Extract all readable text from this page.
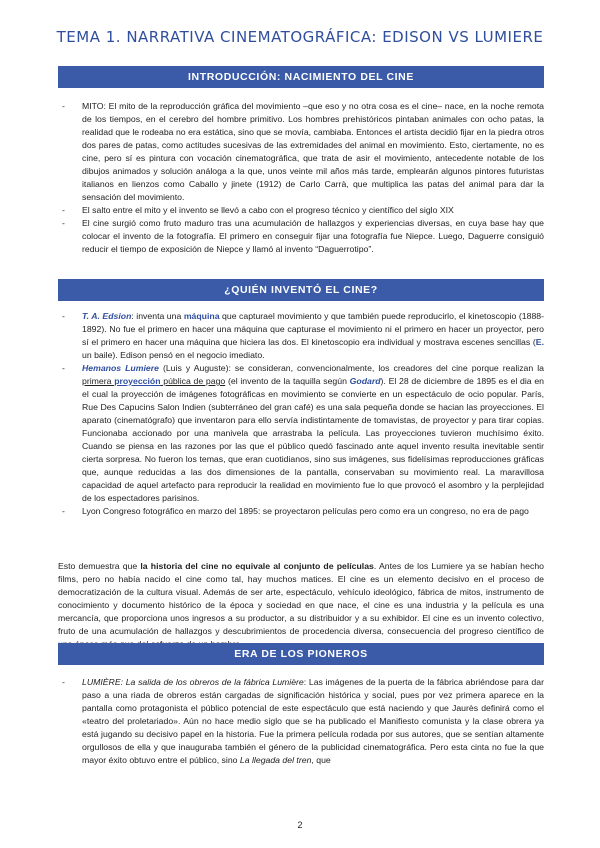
TEMA 1. NARRATIVA CINEMATOGRÁFICA: EDISON VS LUMIERE
INTRODUCCIÓN: NACIMIENTO DEL CINE
- MITO: El mito de la reproducción gráfica del movimiento –que eso y no otra cosa es el cine– nace, en la noche remota de los tiempos, en el cerebro del hombre primitivo. Los hombres prehistóricos pintaban animales con ocho patas, la realidad que le rodeaba no era estática, sino que se movía, cambiaba. Entonces el artista decidió fijar en la piedra otros dos pares de patas, como actitudes sucesivas de las extremidades del animal en movimiento. Esto, ciertamente, no es cine, pero sí es pintura con vocación cinematográfica, que trata de asir el movimiento, antecedente notable de los dibujos animados y solución análoga a la que, unos veinte mil años más tarde, emplearán algunos pintores futuristas italianos en lienzos como Caballo y jinete (1912) de Carlo Carrà, que multiplica las patas del animal para dar la sensación del movimiento.
- El salto entre el mito y el invento se llevó a cabo con el progreso técnico y científico del siglo XIX
- El cine surgió como fruto maduro tras una acumulación de hallazgos y experiencias diversas, en cuya base hay que colocar el invento de la fotografía. El primero en conseguir fijar una fotografía fue Niepce. Luego, Daguerre consiguió reducir el tiempo de exposición de Niepce y llamó al invento “Daguerrotipo”.
¿QUIÉN INVENTÓ EL CINE?
- T. A. Edsion: inventa una máquina que capturael movimiento y que también puede reproducirlo, el kinetoscopio (1888-1892). No fue el primero en hacer una máquina que capturase el movimiento ni el primero en hacer un proyector, pero sí el primero en hacer una máquina que hiciera las dos. El kinetoscopio era individual y mostrava escenes sencillas (E. un baile). Edison pensó en el negocio imediato.
- Hemanos Lumiere (Luis y Auguste): se consideran, convencionalmente, los creadores del cine porque realizan la primera proyección pública de pago (el invento de la taquilla según Godard). El 28 de diciembre de 1895 es el dia en el cual la proyección de imágenes fotográficas en movimiento se convierte en un espectáculo de ocio popular. París, Rue Des Capucins Salon Indien (subterráneo del gran café) es una sala pequeña donde se hacian las proyecciones. El aparato (cinematógrafo) que inventaron para ello servía indistintamente de tomavistas, de proyector y para tirar copias. Funcionaba accionado por una manivela que arrastraba la película. Las proyecciones tuvieron muchísimo éxito. Cuando se piensa en las razones por las que el público quedó fascinado ante aquel invento resulta inevitable sentir cierta sorpresa. No fueron los temas, que eran cuotidianos, sino sus imágenes, sus fidelísimas reproducciones gráficas que, aunque reducidas a las dos dimensiones de la pantalla, conservaban su movimiento real. La maravillosa capacidad de aquel artefacto para reproducir la realidad en movimiento fue lo que provocó el asombro y la perplejidad de los espectadores parisinos.
- Lyon Congreso fotográfico en marzo del 1895: se proyectaron películas pero como era un congreso, no era de pago

Esto demuestra que la historia del cine no equivale al conjunto de películas. Antes de los Lumiere ya se habían hecho films, pero no había nacido el cine como tal, hay muchos matices. El cine es un elemento decisivo en el proceso de democratización de la cultura visual. Además de ser arte, espectáculo, vehículo ideológico, fábrica de mitos, instrumento de conocimiento y documento histórico de la época y sociedad en que nace, el cine es una industria y la película es una mercancía, que proporciona unos ingresos a su productor, a su distribuidor y a su exhibidor. El cine es un invento colectivo, fruto de una acumulación de hallazgos y descubrimientos de procedencia diversa, consecuencia del progreso científico de

ERA DE LOS PIONEROS
- LUMIÈRE: La salida de los obreros de la fábrica Lumière: Las imágenes de la puerta de la fábrica abriéndose para dar paso a una riada de obreros están cargadas de significación histórica y social, pues por vez primera aparece en la pantalla como protagonista el público potencial de este espectáculo que está naciendo y que Jaurès definirá como el «teatro del proletariado». Aún no hace medio siglo que se ha publicado el Manifiesto comunista y la clase obrera ya está jugando su decisivo papel en la historia. Fue la primera película rodada por sus autores, que se sentían altamente orgullosos de ella y que inauguraba también el género de la publicidad cinematográfica. Pero esta cinta no fue la que mayor éxito obtuvo entre el público, sino La llegada del tren, que
2
